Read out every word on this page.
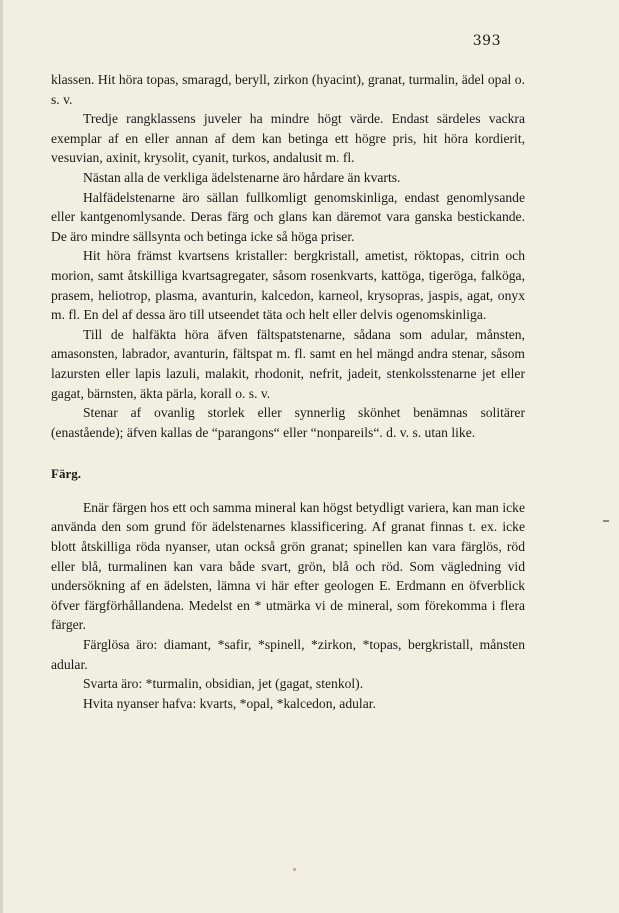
393

klassen. Hit höra topas, smaragd, beryll, zirkon (hyacint), granat, turmalin, ädel opal o. s. v.

Tredje rangklassens juveler ha mindre högt värde. Endast särdeles vackra exemplar af en eller annan af dem kan betinga ett högre pris, hit höra kordierit, vesuvian, axinit, krysolit, cyanit, turkos, andalusit m. fl.

Nästan alla de verkliga ädelstenarne äro hårdare än kvarts.

Halfädelstenarne äro sällan fullkomligt genomskinliga, endast genomlysande eller kantgenomlysande. Deras färg och glans kan däremot vara ganska bestickande. De äro mindre sällsynta och betinga icke så höga priser.

Hit höra främst kvartsens kristaller: bergkristall, ametist, röktopas, citrin och morion, samt åtskilliga kvartsagregater, såsom rosenkvarts, kattöga, tigeröga, falköga, prasem, heliotrop, plasma, avanturin, kalcedon, karneol, krysopras, jaspis, agat, onyx m. fl. En del af dessa äro till utseendet täta och helt eller delvis ogenomskinliga.

Till de halfäkta höra äfven fältspatstenarne, sådana som adular, månsten, amasonsten, labrador, avanturin, fältspat m. fl. samt en hel mängd andra stenar, såsom lazursten eller lapis lazuli, malakit, rhodonit, nefrit, jadeit, stenkolsstenarne jet eller gagat, bärnsten, äkta pärla, korall o. s. v.

Stenar af ovanlig storlek eller synnerlig skönhet benämnas solitärer (enastående); äfven kallas de “parangons“ eller “nonpareils“. d. v. s. utan like.

Färg.

Enär färgen hos ett och samma mineral kan högst betydligt variera, kan man icke använda den som grund för ädelstenarnes klassificering. Af granat finnas t. ex. icke blott åtskilliga röda nyanser, utan också grön granat; spinellen kan vara färglös, röd eller blå, turmalinen kan vara både svart, grön, blå och röd. Som vägledning vid undersökning af en ädelsten, lämna vi här efter geologen E. Erdmann en öfverblick öfver färgförhållandena. Medelst en * utmärka vi de mineral, som förekomma i flera färger.

Färglösa äro: diamant, *safir, *spinell, *zirkon, *topas, bergkristall, månsten adular.

Svarta äro: *turmalin, obsidian, jet (gagat, stenkol).

Hvita nyanser hafva: kvarts, *opal, *kalcedon, adular.
